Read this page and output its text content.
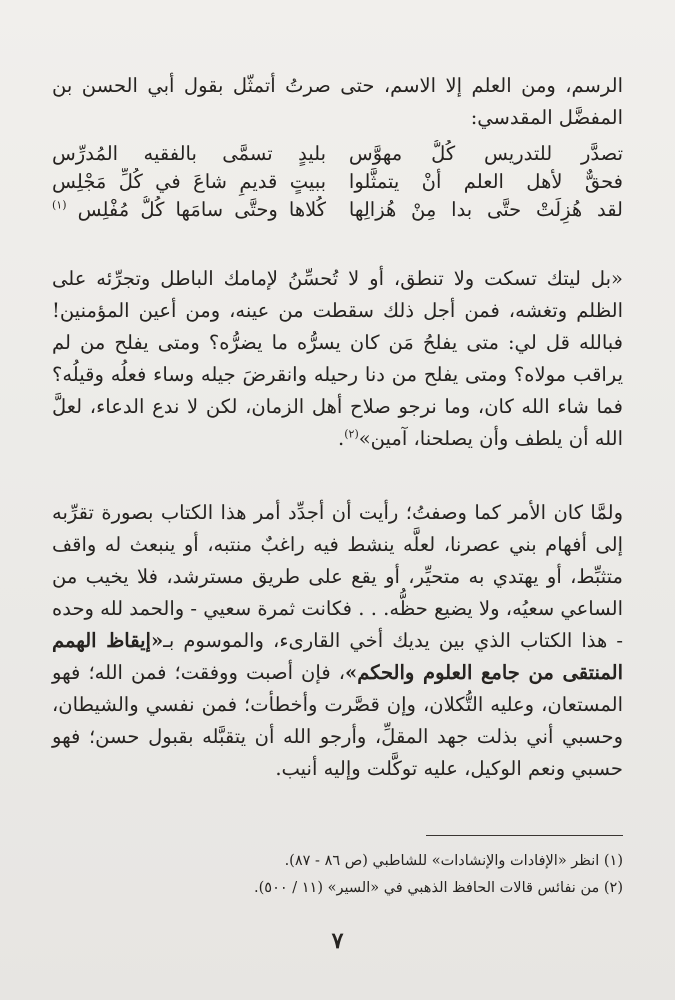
الرسم، ومن العلم إلا الاسم، حتى صرتُ أتمثّل بقول أبي الحسن بن المفضَّل المقدسي:

تصدَّر للتدريس كُلُّ مهوَّس
بليدٍ تسمَّى بالفقيه المُدرِّس
فحقٌّ لأهل العلم أنْ يتمثَّلوا
ببيتٍ قديمٍ شاعَ في كُلِّ مَجْلِس
لقد هُزِلَتْ حتَّى بدا مِنْ هُزالِها
كُلاها وحتَّى سامَها كُلُّ مُفْلِس $^{(١)}$

«بل ليتك تسكت ولا تنطق، أو لا تُحسِّنُ لإمامك الباطل وتجرِّئه على الظلم وتغشه، فمن أجل ذلك سقطت من عينه، ومن أعين المؤمنين! فبالله قل لي: متى يفلحُ مَن كان يسرُّه ما يضرُّه؟ ومتى يفلح من لم يراقب مولاه؟ ومتى يفلح من دنا رحيله وانقرضَ جيله وساء فعلُه وقيلُه؟ فما شاء الله كان، وما نرجو صلاح أهل الزمان، لكن لا ندع الدعاء، لعلَّ الله أن يلطف وأن يصلحنا، آمين»$^{(٢)}$.

ولمَّا كان الأمر كما وصفتُ؛ رأيت أن أجدِّد أمر هذا الكتاب بصورة تقرِّبه إلى أفهام بني عصرنا، لعلَّه ينشط فيه راغبٌ منتبه، أو ينبعث له واقف متثبِّط، أو يهتدي به متحيِّر، أو يقع على طريق مسترشد، فلا يخيب من الساعي سعيُه، ولا يضيع حظُّه. . . فكانت ثمرة سعيي - والحمد لله وحده - هذا الكتاب الذي بين يديك أخي القارىء، والموسوم بـ«إيقاظ الهمم المنتقى من جامع العلوم والحكم»، فإن أصبت ووفقت؛ فمن الله؛ فهو المستعان، وعليه التُّكلان، وإن قصَّرت وأخطأت؛ فمن نفسي والشيطان، وحسبي أني بذلت جهد المقلِّ، وأرجو الله أن يتقبَّله بقبول حسن؛ فهو حسبي ونعم الوكيل، عليه توكَّلت وإليه أنيب.

(١) انظر «الإفادات والإنشادات» للشاطبي (ص ٨٦ - ٨٧).
(٢) من نفائس قالات الحافظ الذهبي في «السير» (١١ / ٥٠٠).
٧
